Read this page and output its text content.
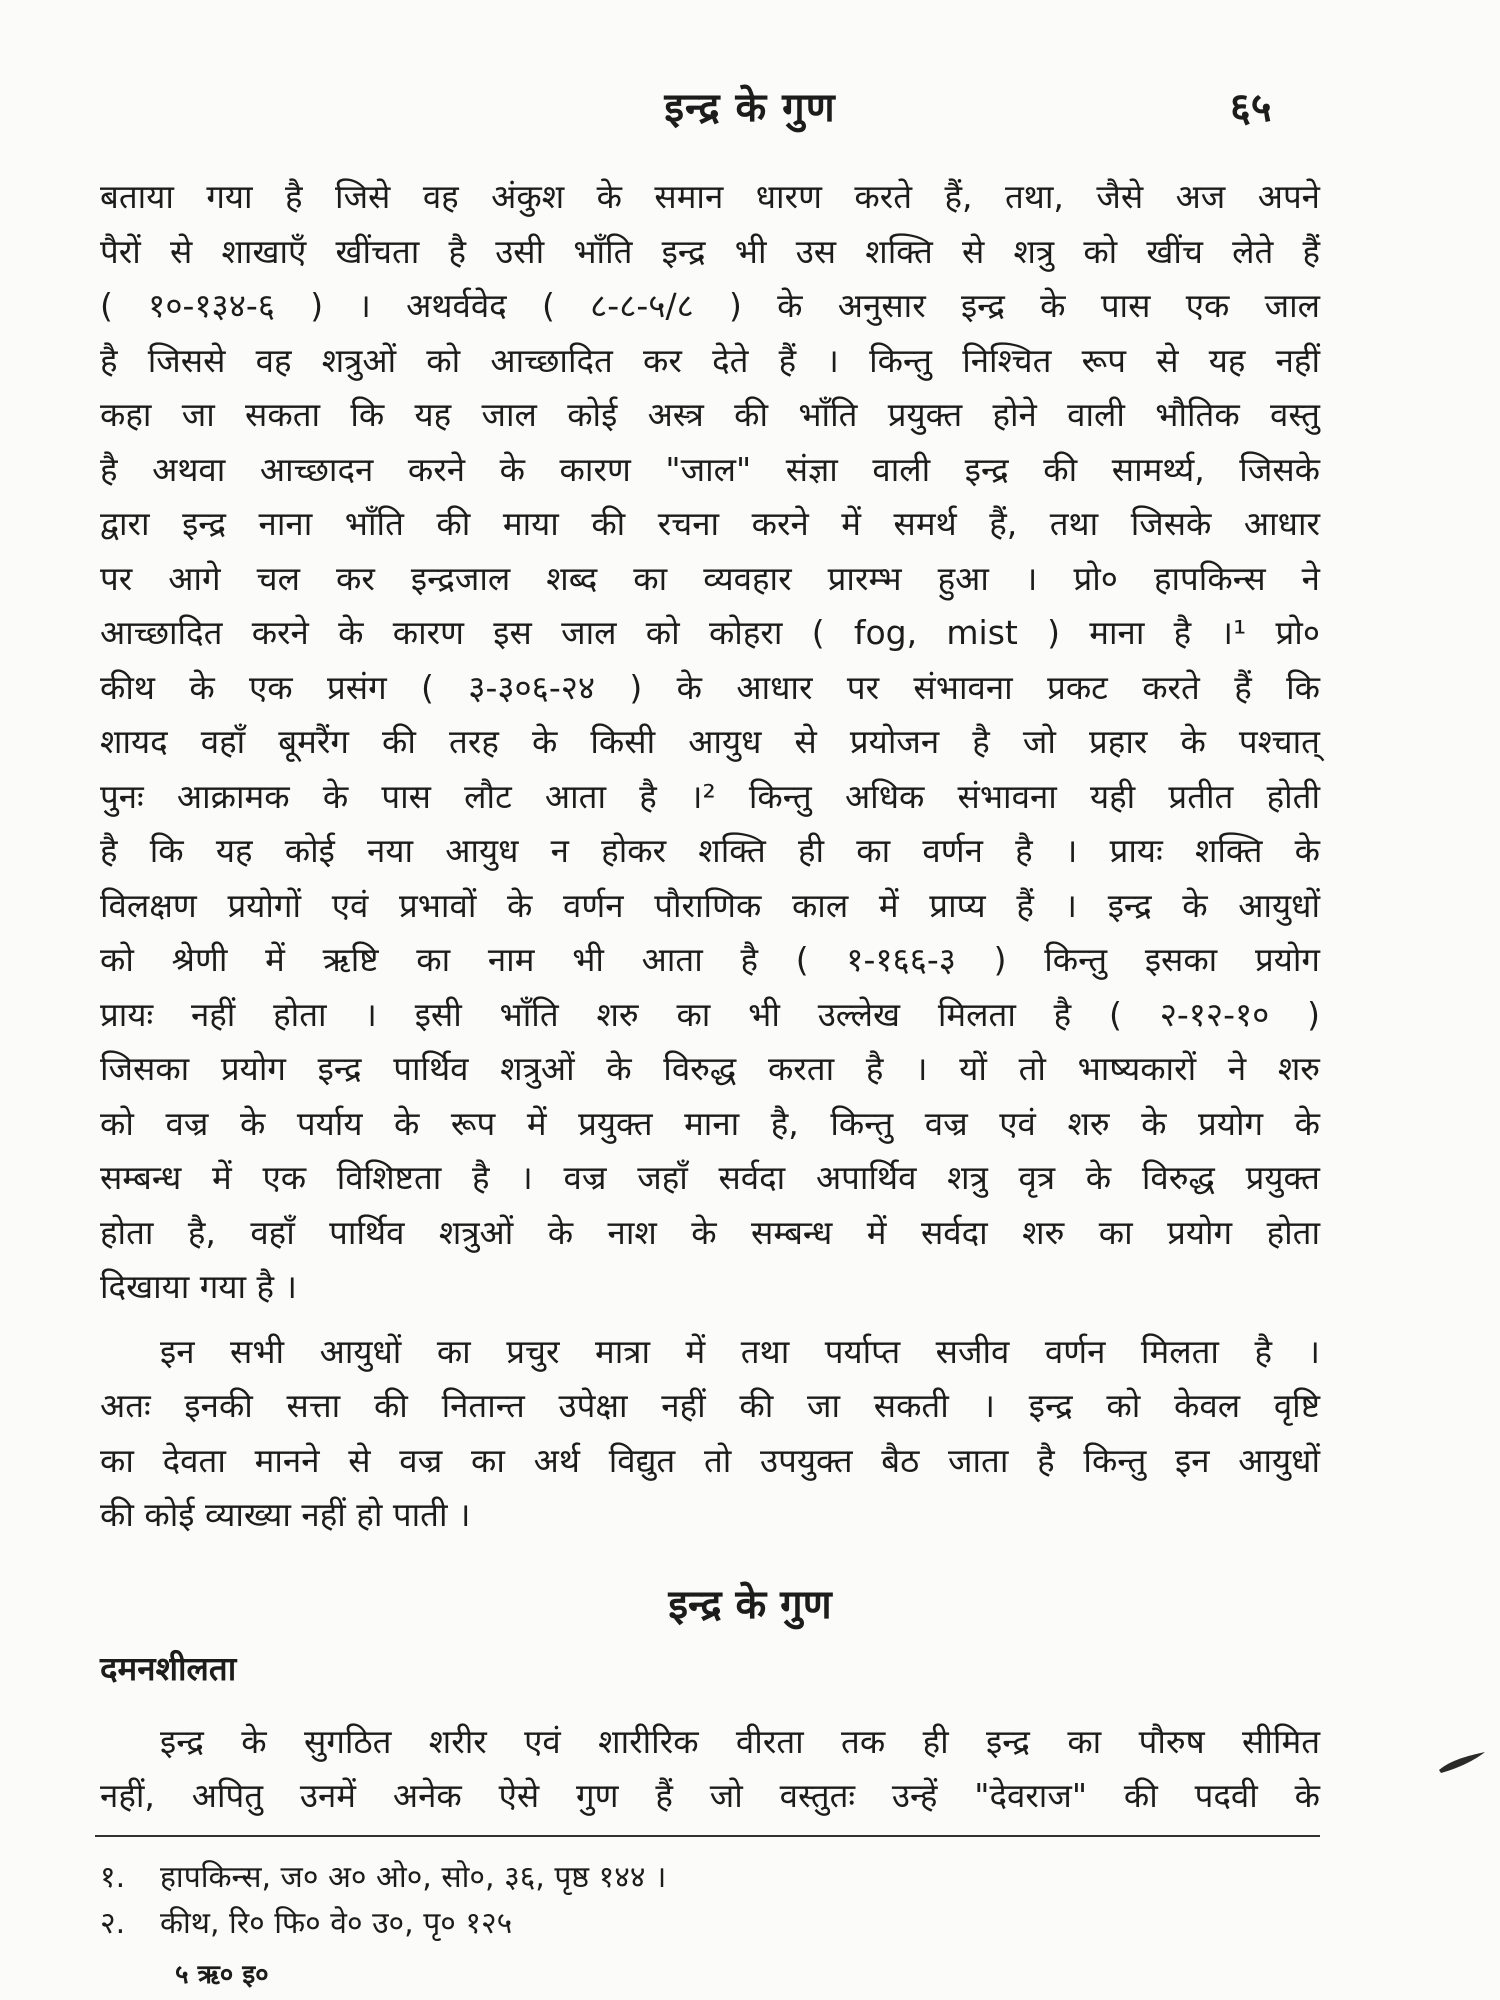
इन्द्र के गुण	६५
बताया गया है जिसे वह अंकुश के समान धारण करते हैं, तथा, जैसे अज अपने
पैरों से शाखाएँ खींचता है उसी भाँति इन्द्र भी उस शक्ति से शत्रु को खींच लेते हैं
( १०-१३४-६ ) । अथर्ववेद ( ८-८-५/८ ) के अनुसार इन्द्र के पास एक जाल
है जिससे वह शत्रुओं को आच्छादित कर देते हैं । किन्तु निश्चित रूप से यह नहीं
कहा जा सकता कि यह जाल कोई अस्त्र की भाँति प्रयुक्त होने वाली भौतिक वस्तु
है अथवा आच्छादन करने के कारण "जाल" संज्ञा वाली इन्द्र की सामर्थ्य, जिसके
द्वारा इन्द्र नाना भाँति की माया की रचना करने में समर्थ हैं, तथा जिसके आधार
पर आगे चल कर इन्द्रजाल शब्द का व्यवहार प्रारम्भ हुआ । प्रो० हापकिन्स ने
आच्छादित करने के कारण इस जाल को कोहरा ( fog, mist ) माना है ।¹ प्रो०
कीथ के एक प्रसंग ( ३-३०६-२४ ) के आधार पर संभावना प्रकट करते हैं कि
शायद वहाँ बूमरैंग की तरह के किसी आयुध से प्रयोजन है जो प्रहार के पश्चात्
पुनः आक्रामक के पास लौट आता है ।² किन्तु अधिक संभावना यही प्रतीत होती
है कि यह कोई नया आयुध न होकर शक्ति ही का वर्णन है । प्रायः शक्ति के
विलक्षण प्रयोगों एवं प्रभावों के वर्णन पौराणिक काल में प्राप्य हैं । इन्द्र के आयुधों
को श्रेणी में ऋष्टि का नाम भी आता है ( १-१६६-३ ) किन्तु इसका प्रयोग
प्रायः नहीं होता । इसी भाँति शरु का भी उल्लेख मिलता है ( २-१२-१० )
जिसका प्रयोग इन्द्र पार्थिव शत्रुओं के विरुद्ध करता है । यों तो भाष्यकारों ने शरु
को वज्र के पर्याय के रूप में प्रयुक्त माना है, किन्तु वज्र एवं शरु के प्रयोग के
सम्बन्ध में एक विशिष्टता है । वज्र जहाँ सर्वदा अपार्थिव शत्रु वृत्र के विरुद्ध प्रयुक्त
होता है, वहाँ पार्थिव शत्रुओं के नाश के सम्बन्ध में सर्वदा शरु का प्रयोग होता
दिखाया गया है ।
इन सभी आयुधों का प्रचुर मात्रा में तथा पर्याप्त सजीव वर्णन मिलता है ।
अतः इनकी सत्ता की नितान्त उपेक्षा नहीं की जा सकती । इन्द्र को केवल वृष्टि
का देवता मानने से वज्र का अर्थ विद्युत तो उपयुक्त बैठ जाता है किन्तु इन आयुधों
की कोई व्याख्या नहीं हो पाती ।
इन्द्र के गुण
दमनशीलता
इन्द्र के सुगठित शरीर एवं शारीरिक वीरता तक ही इन्द्र का पौरुष सीमित
नहीं, अपितु उनमें अनेक ऐसे गुण हैं जो वस्तुतः उन्हें "देवराज" की पदवी के
१.	हापकिन्स, ज० अ० ओ०, सो०, ३६, पृष्ठ १४४ ।
२.	कीथ, रि० फि० वे० उ०, पृ० १२५
५ ऋ० इ०
